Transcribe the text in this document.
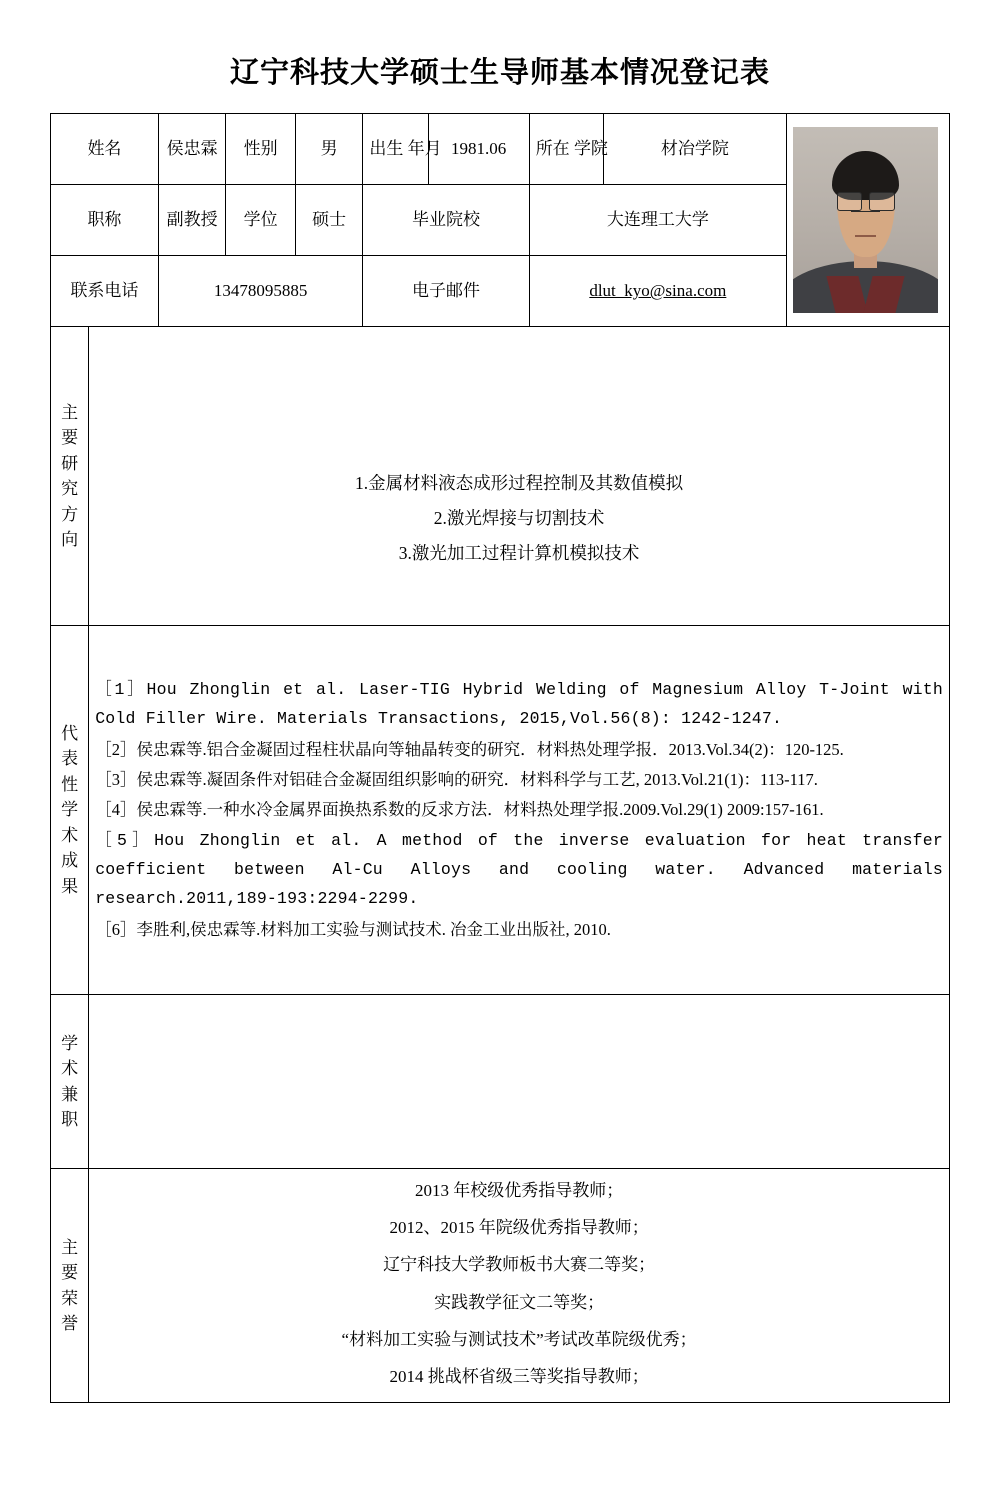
辽宁科技大学硕士生导师基本情况登记表
姓名		侯忠霖	性别	男	出生 年月	1981.06	所在 学院	材冶学院	

职称		副教授	学位	硕士	毕业院校		大连理工大学		
联系电话		13478095885			电子邮件		dlut_kyo@sina.com		

主
要
研
究
方
向

1.金属材料液态成形过程控制及其数值模拟
2.激光焊接与切割技术
3.激光加工过程计算机模拟技术

代
表
性
学
术
成
果

［1］Hou Zhonglin et al. Laser-TIG Hybrid Welding of Magnesium Alloy T-Joint with Cold Filler Wire. Materials Transactions, 2015,Vol.56(8): 1242-1247.

［2］侯忠霖等.铝合金凝固过程柱状晶向等轴晶转变的研究．材料热处理学报．2013.Vol.34(2)：120-125.

［3］侯忠霖等.凝固条件对铝硅合金凝固组织影响的研究．材料科学与工艺, 2013.Vol.21(1)：113-117.

［4］侯忠霖等.一种水冷金属界面换热系数的反求方法．材料热处理学报.2009.Vol.29(1) 2009:157-161.

［5］Hou Zhonglin et al. A method of the inverse evaluation for heat transfer coefficient between Al-Cu Alloys and cooling water. Advanced materials research.2011,189-193:2294-2299.

［6］李胜利,侯忠霖等.材料加工实验与测试技术. 冶金工业出版社, 2010.

学
术
兼
职									

主
要
荣
誉

2013 年校级优秀指导教师；

2012、2015 年院级优秀指导教师；

辽宁科技大学教师板书大赛二等奖；

实践教学征文二等奖；

“材料加工实验与测试技术”考试改革院级优秀；

2014 挑战杯省级三等奖指导教师；
